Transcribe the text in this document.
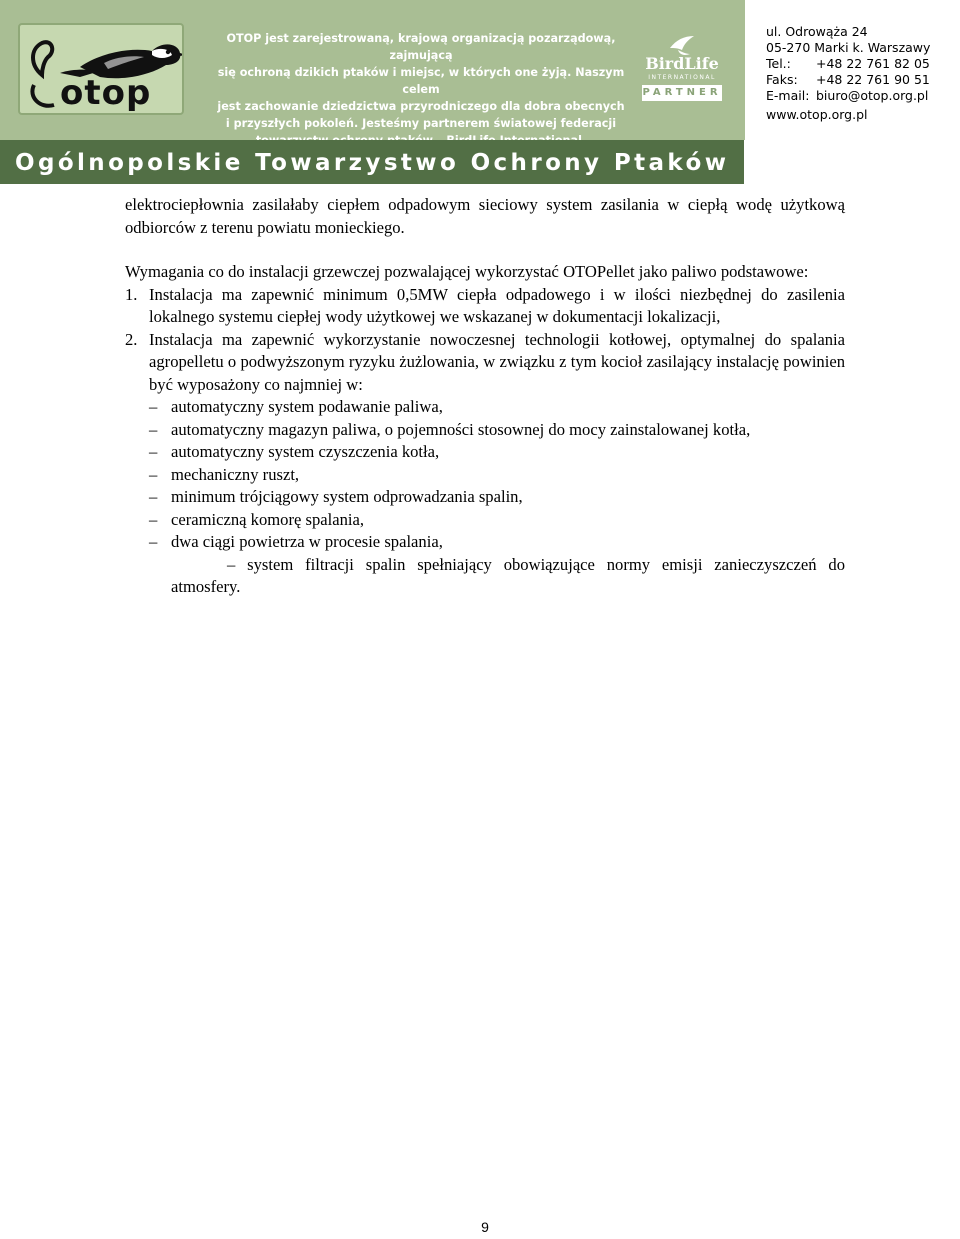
otop
OTOP jest zarejestrowaną, krajową organizacją pozarządową, zajmującą
się ochroną dzikich ptaków i miejsc, w których one żyją. Naszym celem
jest zachowanie dziedzictwa przyrodniczego dla dobra obecnych
i przyszłych pokoleń. Jesteśmy partnerem światowej federacji
BirdLife
INTERNATIONAL
PARTNER
ul. Odrowąża 24
05-270 Marki k. Warszawy
Tel.: +48 22 761 82 05
Faks: +48 22 761 90 51
E-mail: biuro@otop.org.pl
www.otop.org.pl
Ogólnopolskie Towarzystwo Ochrony Ptaków

elektrociepłownia zasilałaby ciepłem odpadowym sieciowy system zasilania w ciepłą wodę użytkową odbiorców z terenu powiatu monieckiego.

Wymagania co do instalacji grzewczej pozwalającej wykorzystać OTOPellet jako paliwo podstawowe:

1. Instalacja ma zapewnić minimum 0,5MW ciepła odpadowego i w ilości niezbędnej do zasilenia lokalnego systemu ciepłej wody użytkowej we wskazanej w dokumentacji lokalizacji,
2. Instalacja ma zapewnić wykorzystanie nowoczesnej technologii kotłowej, optymalnej do spalania agropelletu o podwyższonym ryzyku żużlowania, w związku z tym kocioł zasilający instalację powinien być wyposażony co najmniej w:
– automatyczny system podawanie paliwa,
– automatyczny magazyn paliwa, o pojemności stosownej do mocy zainstalowanej kotła,
– automatyczny system czyszczenia kotła,
– mechaniczny ruszt,
– minimum trójciągowy system odprowadzania spalin,
– ceramiczną komorę spalania,
– dwa ciągi powietrza w procesie spalania,
– system filtracji spalin spełniający obowiązujące normy emisji zanieczyszczeń do atmosfery.
9
